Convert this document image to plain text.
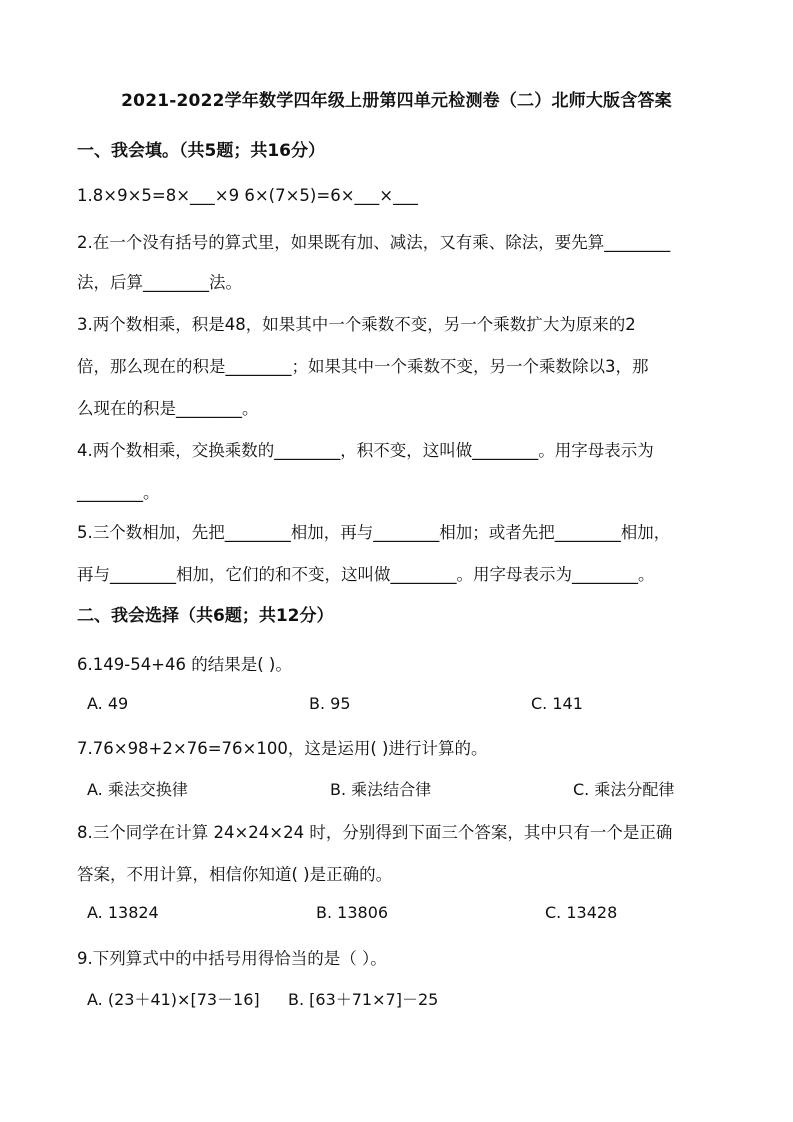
2021-2022学年数学四年级上册第四单元检测卷（二）北师大版含答案
一、我会填。（共5题；共16分）
1.8×9×5=8×___×9 6×(7×5)=6×___×___
2.在一个没有括号的算式里，如果既有加、减法，又有乘、除法，要先算________
法，后算________法。
3.两个数相乘，积是48，如果其中一个乘数不变，另一个乘数扩大为原来的2
倍，那么现在的积是________；如果其中一个乘数不变，另一个乘数除以3，那
么现在的积是________。
4.两个数相乘，交换乘数的________，积不变，这叫做________。用字母表示为
________。
5.三个数相加，先把________相加，再与________相加；或者先把________相加，
再与________相加，它们的和不变，这叫做________。用字母表示为________。
二、我会选择（共6题；共12分）
6.149-54+46 的结果是( )。
A. 49	B. 95	C. 141
7.76×98+2×76=76×100，这是运用( )进行计算的。
A. 乘法交换律	B. 乘法结合律	C. 乘法分配律
8.三个同学在计算 24×24×24 时，分别得到下面三个答案，其中只有一个是正确
答案，不用计算，相信你知道( )是正确的。
A. 13824	B. 13806	C. 13428
9.下列算式中的中括号用得恰当的是（ ）。
A. (23＋41)×[73－16] B. [63＋71×7]－25
